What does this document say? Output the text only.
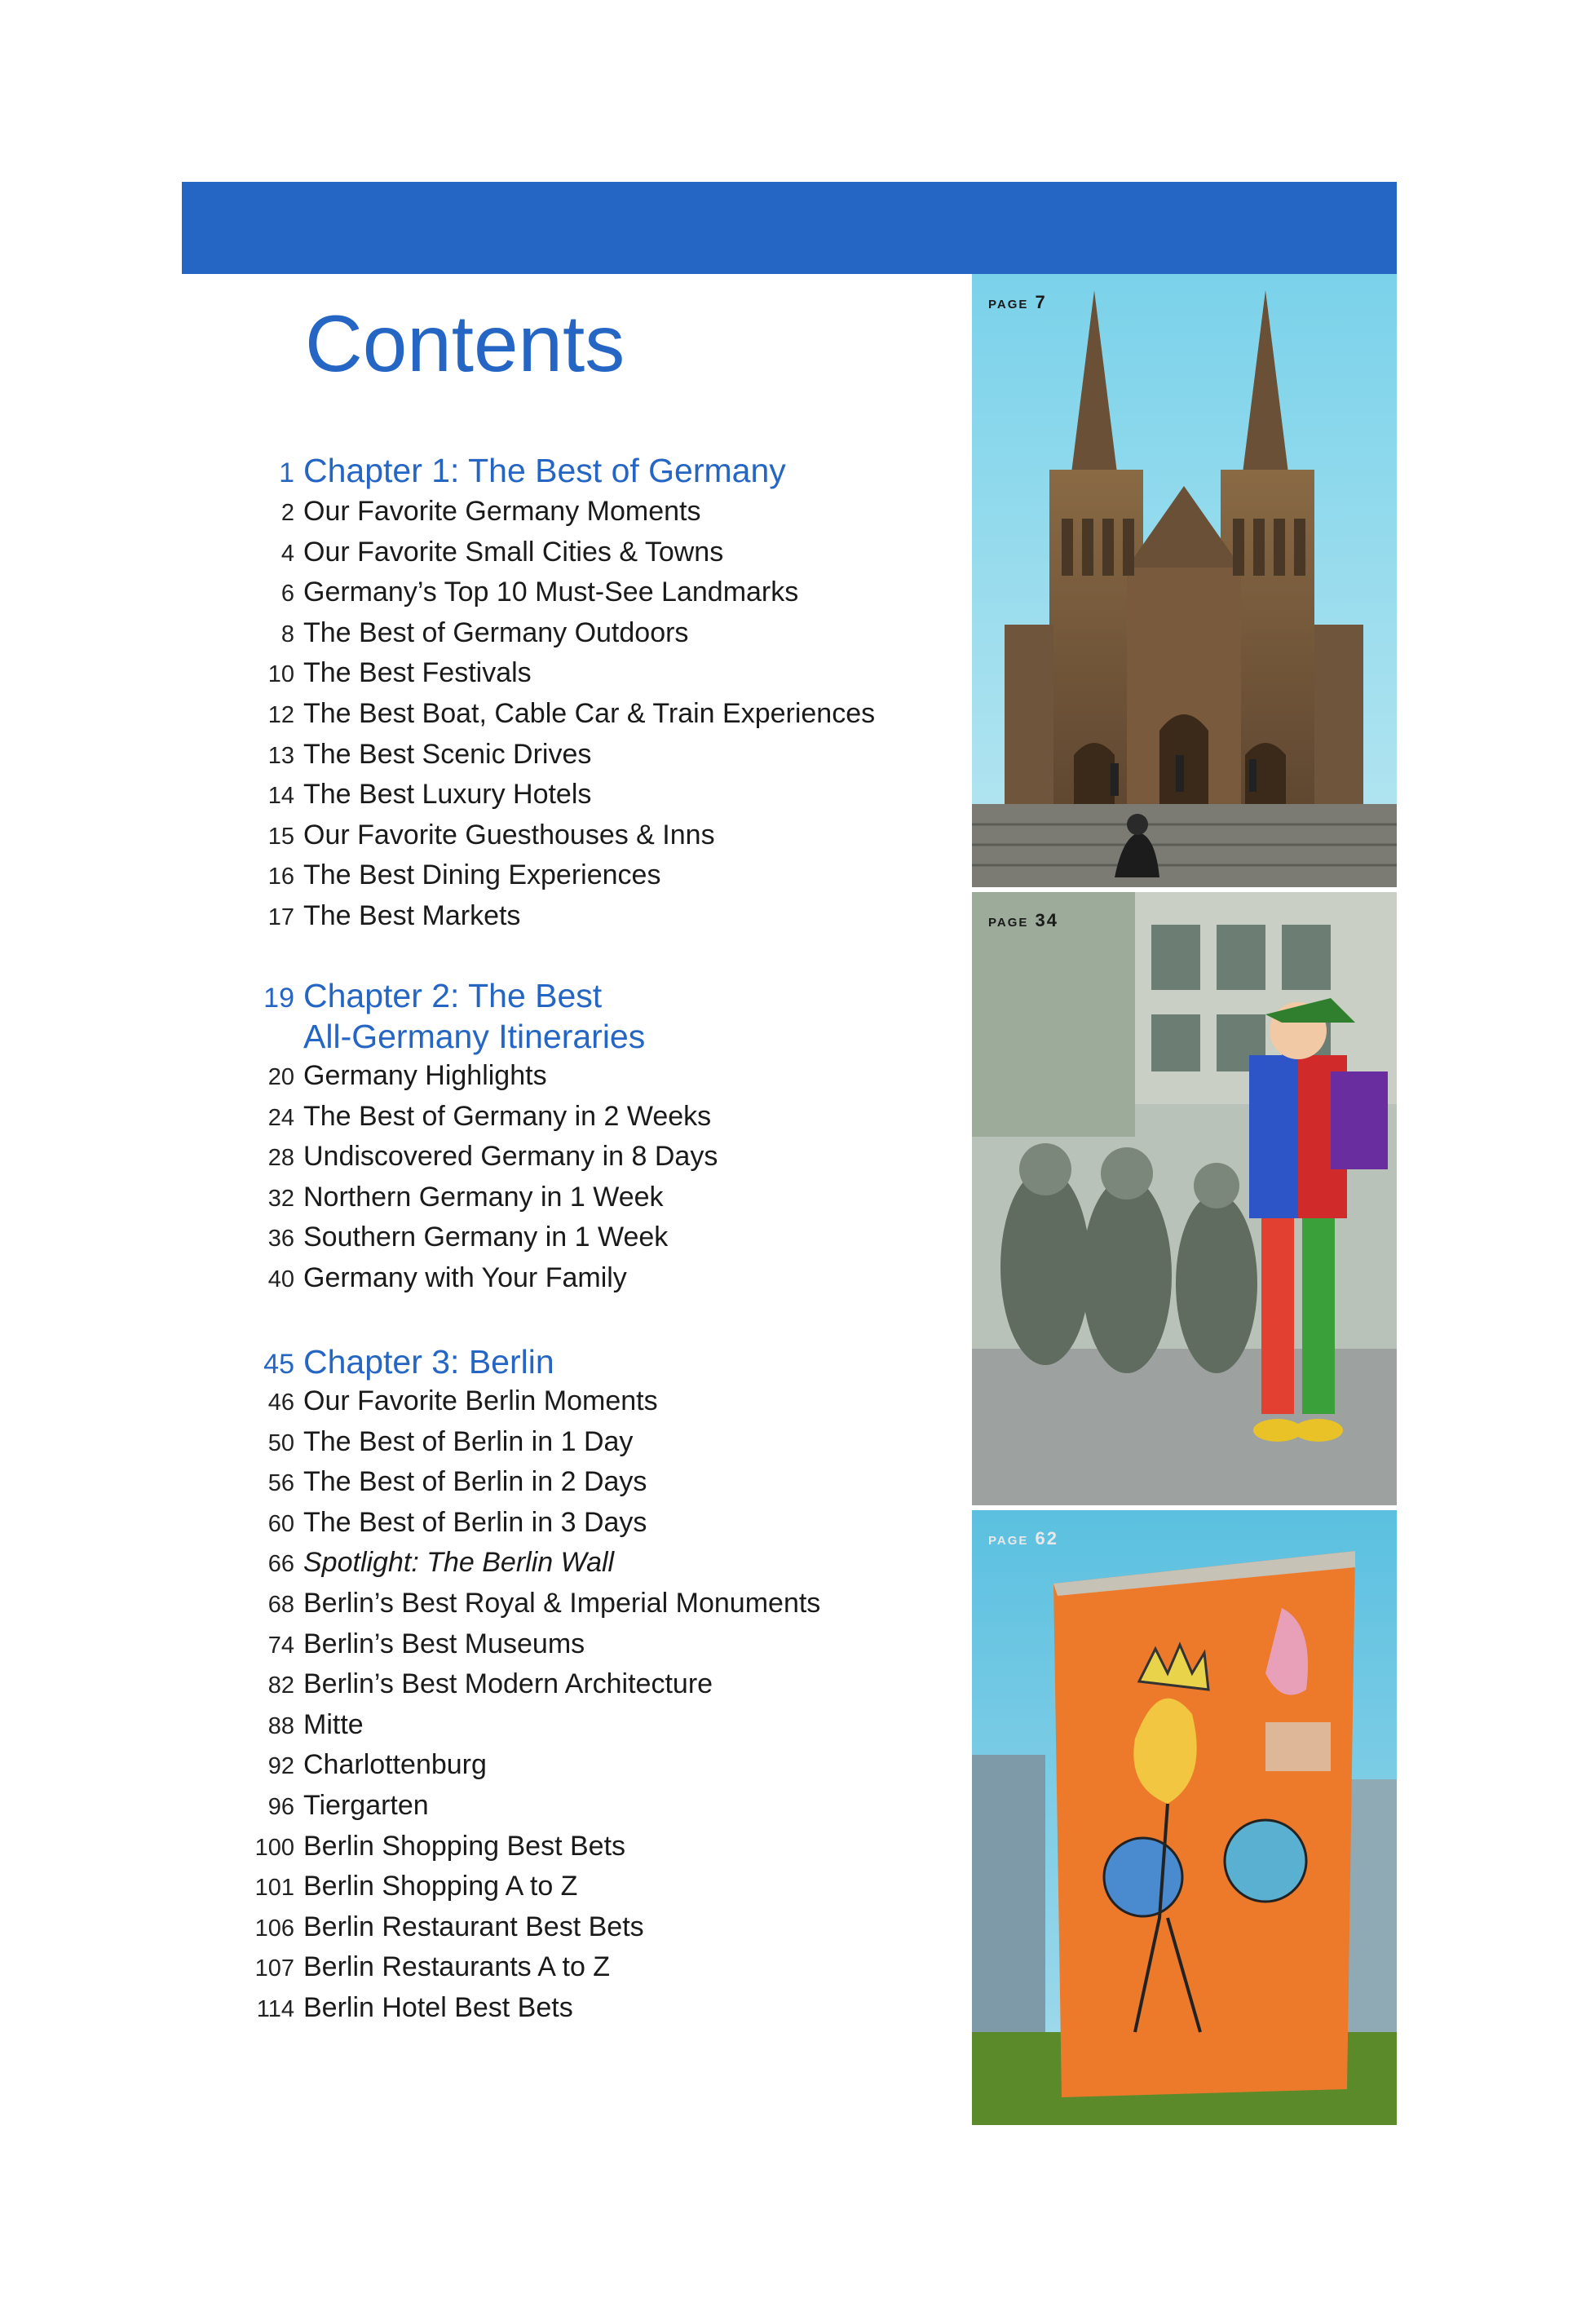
Contents
1 Chapter 1: The Best of Germany
2 Our Favorite Germany Moments
4 Our Favorite Small Cities & Towns
6 Germany’s Top 10 Must-See Landmarks
8 The Best of Germany Outdoors
10 The Best Festivals
12 The Best Boat, Cable Car & Train Experiences
13 The Best Scenic Drives
14 The Best Luxury Hotels
15 Our Favorite Guesthouses & Inns
16 The Best Dining Experiences
17 The Best Markets
19 Chapter 2: The Best
All-Germany Itineraries
20 Germany Highlights
24 The Best of Germany in 2 Weeks
28 Undiscovered Germany in 8 Days
32 Northern Germany in 1 Week
36 Southern Germany in 1 Week
40 Germany with Your Family
45 Chapter 3: Berlin
46 Our Favorite Berlin Moments
50 The Best of Berlin in 1 Day
56 The Best of Berlin in 2 Days
60 The Best of Berlin in 3 Days
66 Spotlight: The Berlin Wall
68 Berlin’s Best Royal & Imperial Monuments
74 Berlin’s Best Museums
82 Berlin’s Best Modern Architecture
88 Mitte
92 Charlottenburg
96 Tiergarten
100 Berlin Shopping Best Bets
101 Berlin Shopping A to Z
106 Berlin Restaurant Best Bets
107 Berlin Restaurants A to Z
114 Berlin Hotel Best Bets
page 7
page 34
page 62
